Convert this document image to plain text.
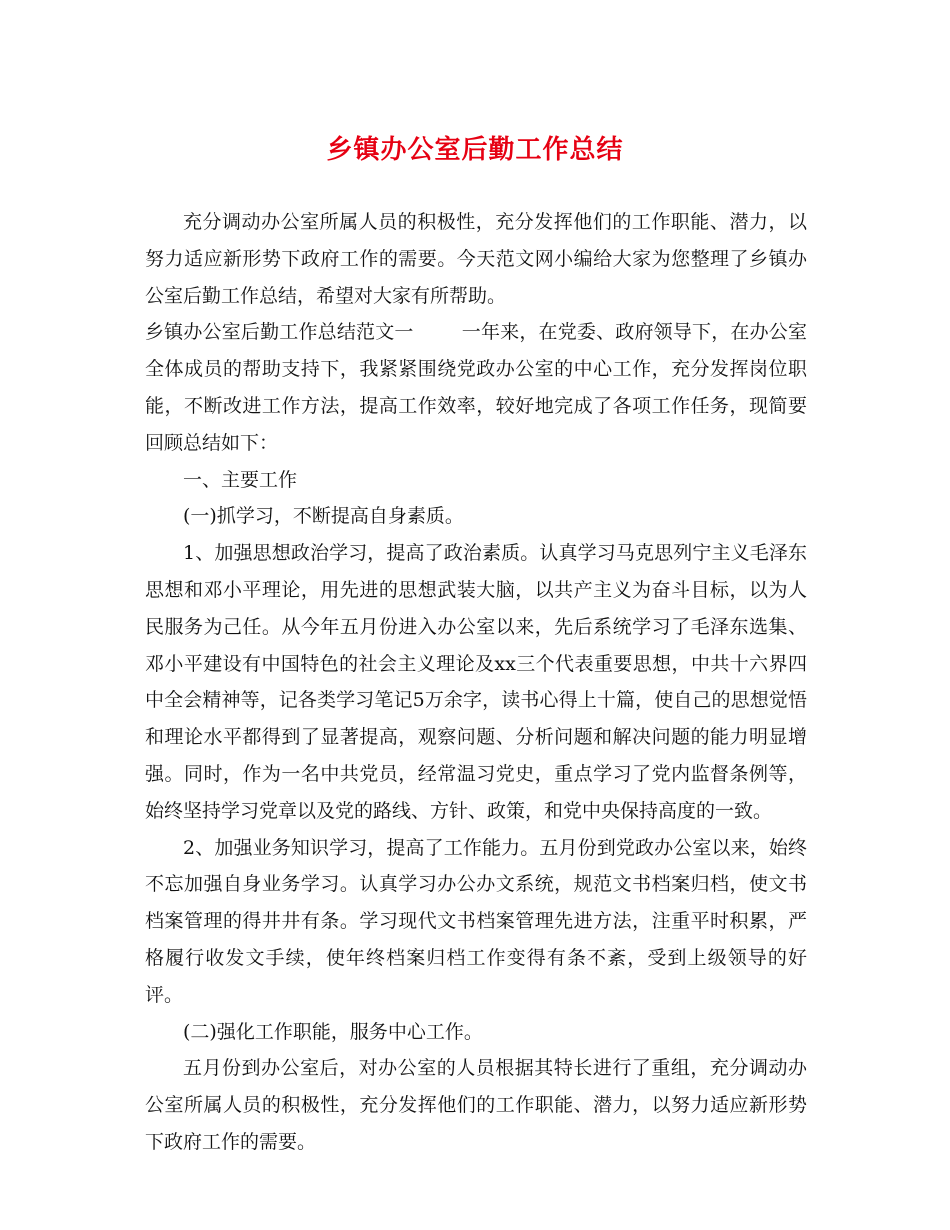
乡镇办公室后勤工作总结

充分调动办公室所属人员的积极性，充分发挥他们的工作职能、潜力，以努力适应新形势下政府工作的需要。今天范文网小编给大家为您整理了乡镇办公室后勤工作总结，希望对大家有所帮助。

乡镇办公室后勤工作总结范文一	一年来，在党委、政府领导下，在办公室全体成员的帮助支持下，我紧紧围绕党政办公室的中心工作，充分发挥岗位职能，不断改进工作方法，提高工作效率，较好地完成了各项工作任务，现简要回顾总结如下：

一、主要工作

(一)抓学习，不断提高自身素质。

1、加强思想政治学习，提高了政治素质。认真学习马克思列宁主义毛泽东思想和邓小平理论，用先进的思想武装大脑，以共产主义为奋斗目标，以为人民服务为己任。从今年五月份进入办公室以来，先后系统学习了毛泽东选集、邓小平建设有中国特色的社会主义理论及xx三个代表重要思想，中共十六界四中全会精神等，记各类学习笔记5万余字，读书心得上十篇，使自己的思想觉悟和理论水平都得到了显著提高，观察问题、分析问题和解决问题的能力明显增强。同时，作为一名中共党员，经常温习党史，重点学习了党内监督条例等，始终坚持学习党章以及党的路线、方针、政策，和党中央保持高度的一致。

2、加强业务知识学习，提高了工作能力。五月份到党政办公室以来，始终不忘加强自身业务学习。认真学习办公办文系统，规范文书档案归档，使文书档案管理的得井井有条。学习现代文书档案管理先进方法，注重平时积累，严格履行收发文手续，使年终档案归档工作变得有条不紊，受到上级领导的好评。

(二)强化工作职能，服务中心工作。

五月份到办公室后，对办公室的人员根据其特长进行了重组，充分调动办公室所属人员的积极性，充分发挥他们的工作职能、潜力，以努力适应新形势下政府工作的需要。
